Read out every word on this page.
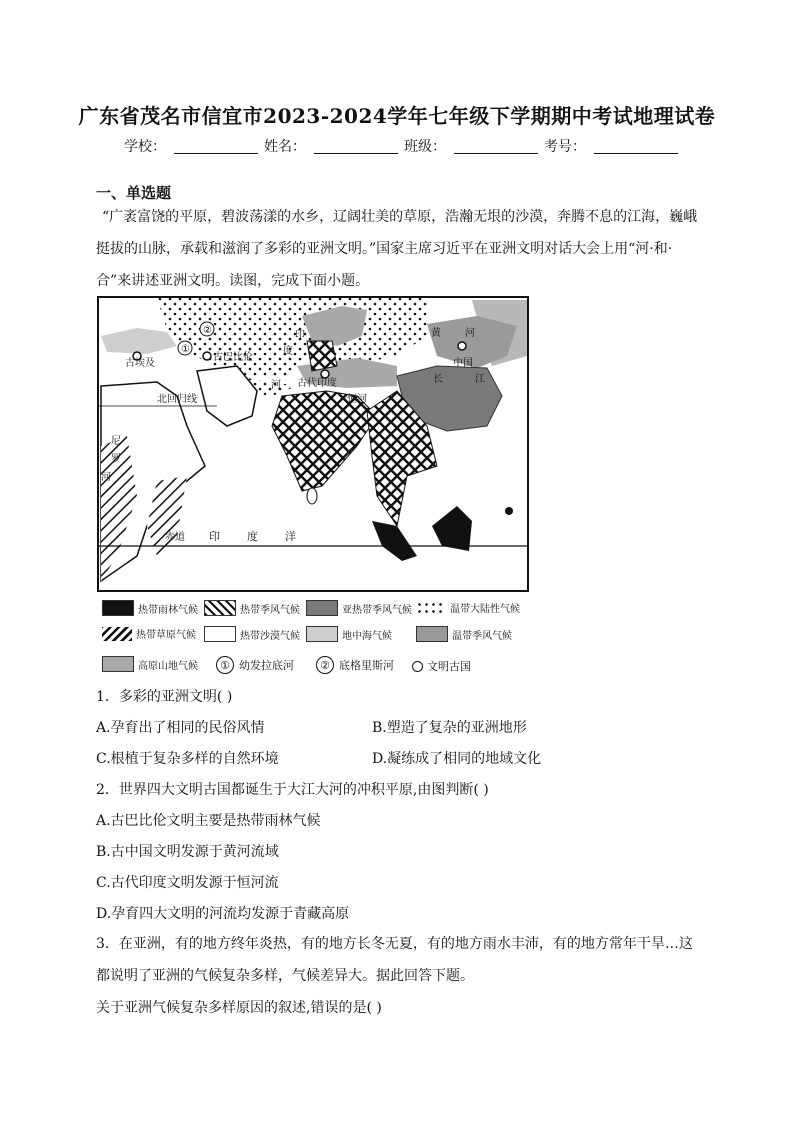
广东省茂名市信宜市2023-2024学年七年级下学期期中考试地理试卷
学校：	姓名：	班级：	考号：
一、单选题
“广袤富饶的平原，碧波荡漾的水乡，辽阔壮美的草原，浩瀚无垠的沙漠，奔腾不息的江海，巍峨挺拔的山脉，承载和滋润了多彩的亚洲文明。”国家主席习近平在亚洲文明对话大会上用“河·和·合”来讲述亚洲文明。读图，完成下面小题。
①
②
古埃及
古巴比伦
古代印度
中国
北回归线
赤道 印 度 洋
印
度
河
恒河
黄 河
长	江
尼
罗
河
热带雨林气候	热带季风气候	亚热带季风气候	温带大陆性气候
热带草原气候	热带沙漠气候	地中海气候	温带季风气候
高原山地气候	① 幼发拉底河	② 底格里斯河	文明古国
1．多彩的亚洲文明( )
A.孕育出了相同的民俗风情	B.塑造了复杂的亚洲地形
C.根植于复杂多样的自然环境	D.凝练成了相同的地域文化
2．世界四大文明古国都诞生于大江大河的冲积平原,由图判断( )
A.古巴比伦文明主要是热带雨林气候
B.古中国文明发源于黄河流域
C.古代印度文明发源于恒河流
D.孕育四大文明的河流均发源于青藏高原
3．在亚洲，有的地方终年炎热，有的地方长冬无夏，有的地方雨水丰沛，有的地方常年干旱…这都说明了亚洲的气候复杂多样，气候差异大。据此回答下题。
关于亚洲气候复杂多样原因的叙述,错误的是( )
